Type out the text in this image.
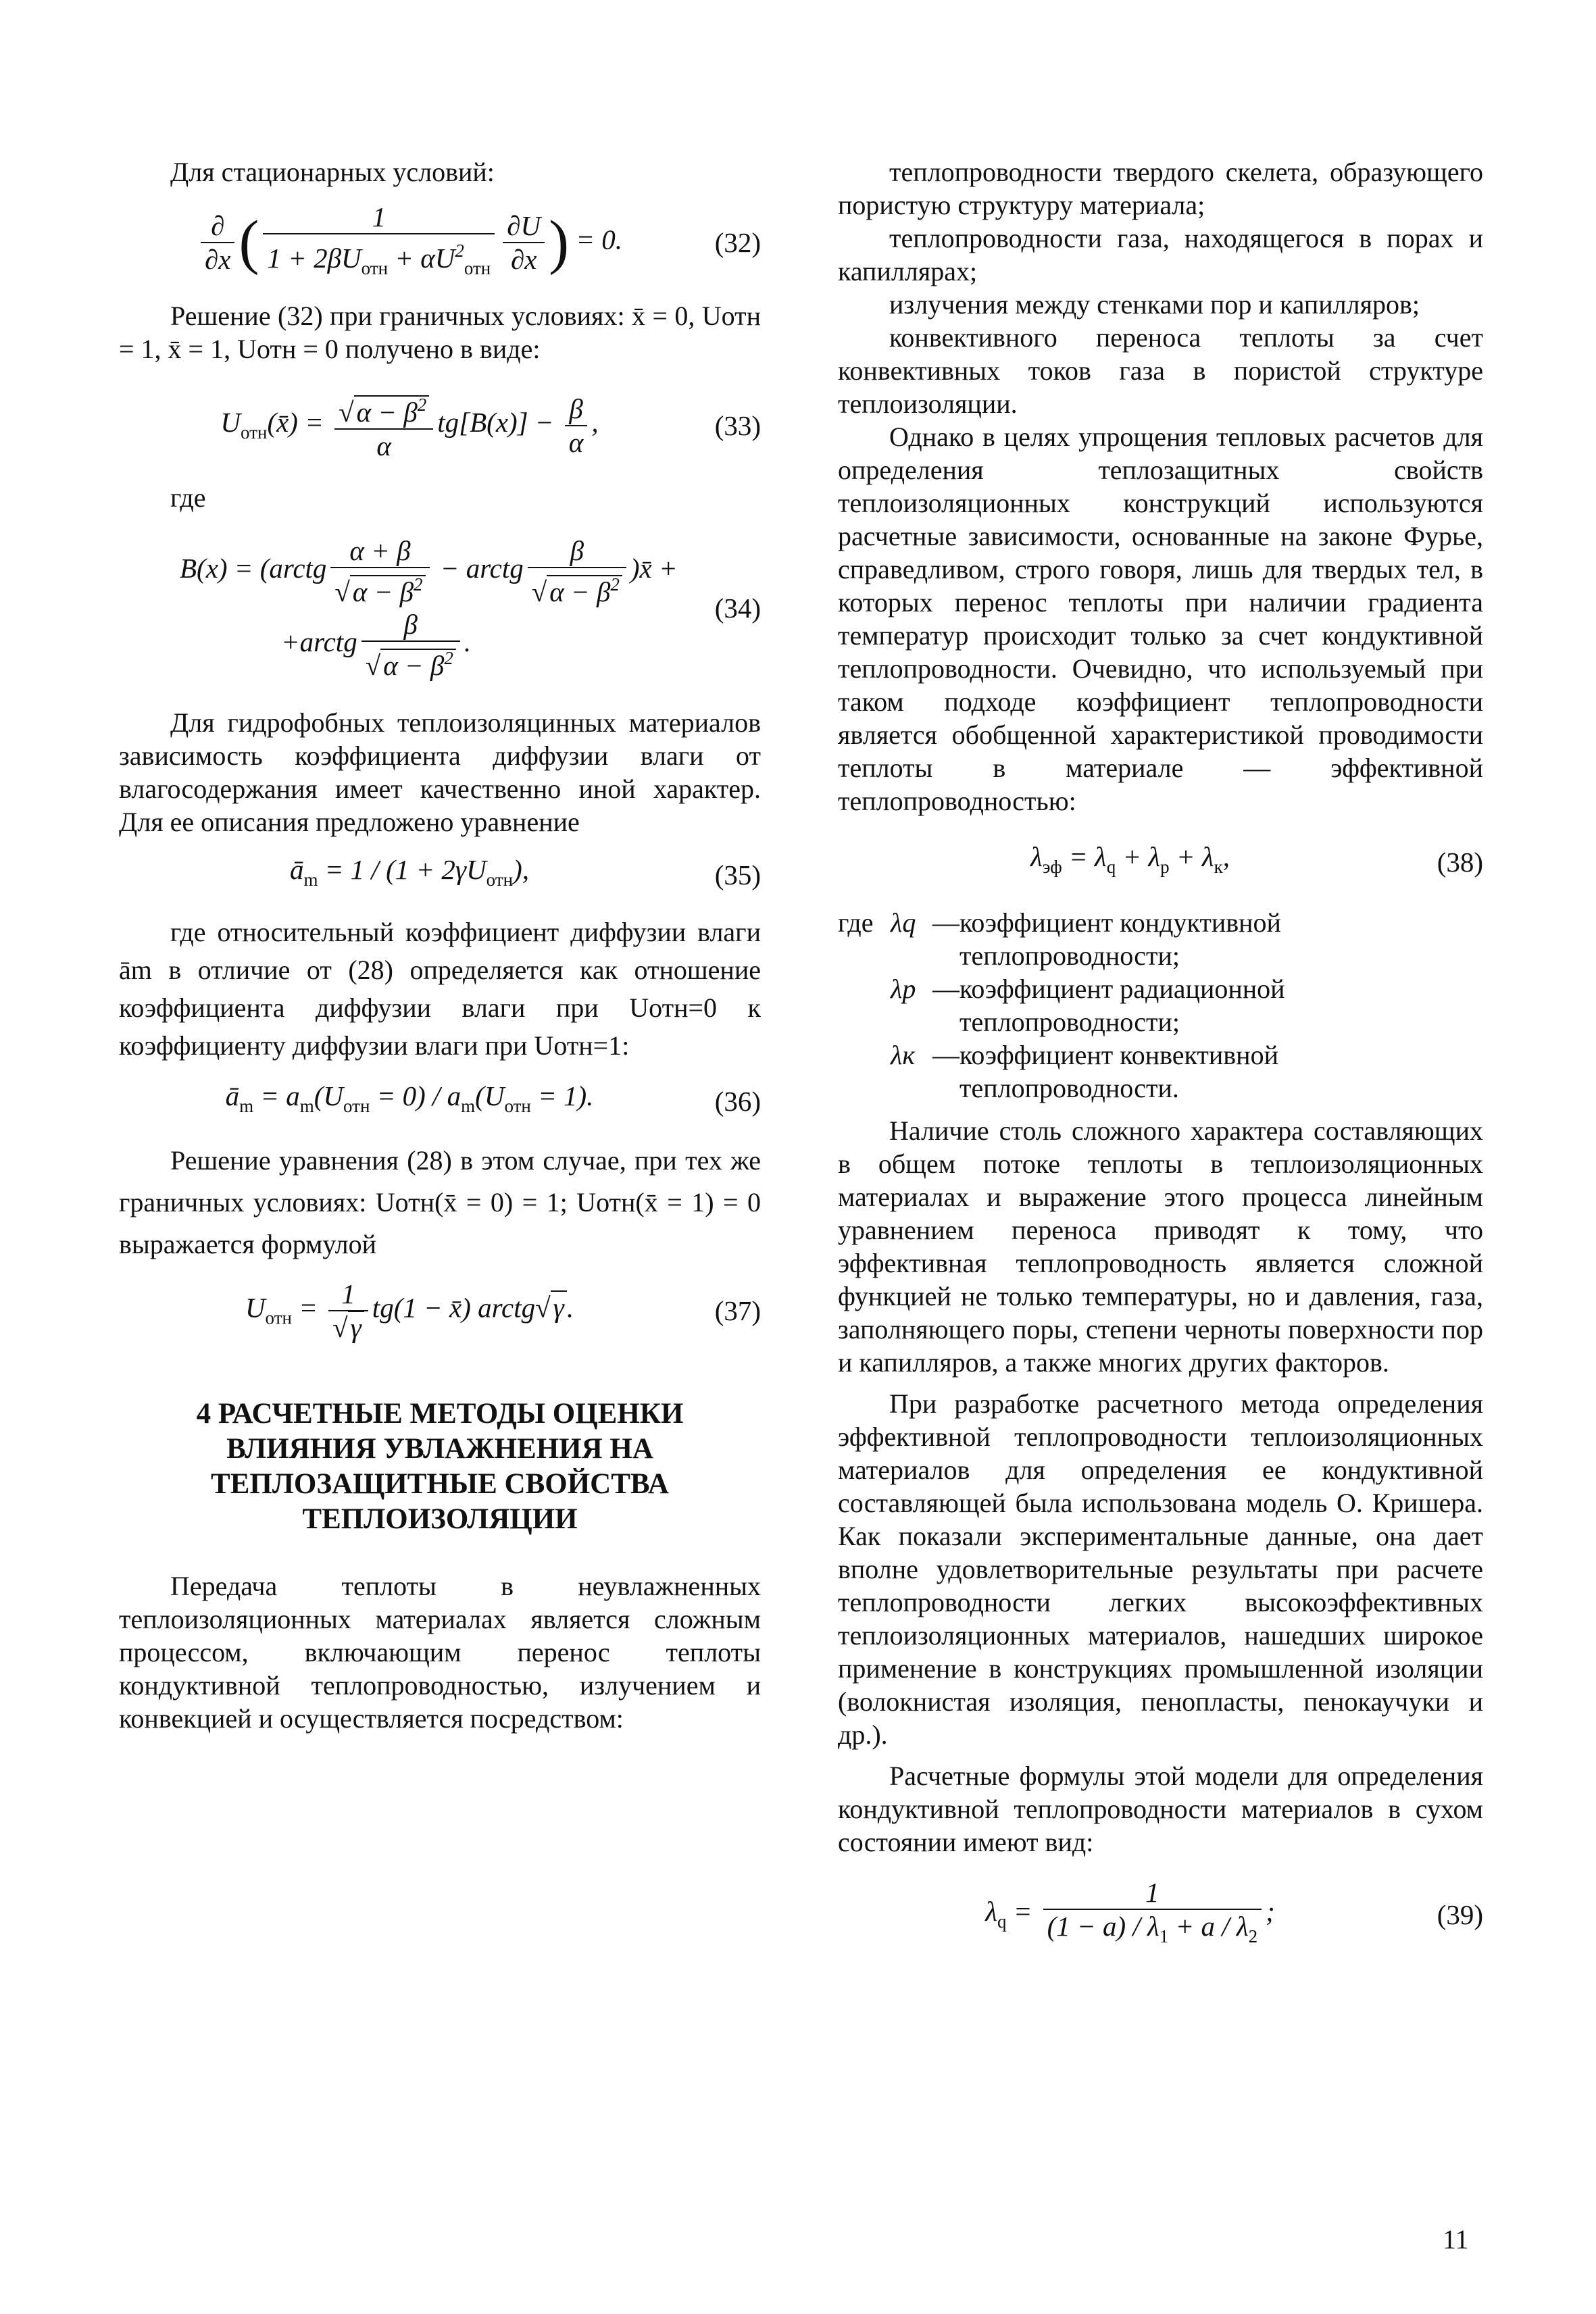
Для стационарных условий:

$\frac{\partial}{\partial x}$ ( $\frac{1}{1 + 2\beta U_{отн} + \alpha U^2_{отн}} \frac{\partial U}{\partial x}$ ) = 0.	(32)

Решение (32) при граничных условиях: x̄ = 0, Uотн = 1, x̄ = 1, Uотн = 0 получено в виде:

$U_{отн}(x̄) = \frac{√\alpha - \beta^2}{\alpha} tg[B(x)] - \frac{\beta}{\alpha}$ ,	(33)

где

B(x) = (arctg $\frac{\alpha + \beta}{√\alpha - \beta^2}$ − arctg $\frac{\beta}{√\alpha - \beta^2}$ )x̄ +
+arctg $\frac{\beta}{√\alpha - \beta^2}$ .
(34)

Для гидрофобных теплоизоляцинных материалов зависимость коэффициента диффузии влаги от влагосодержания имеет качественно иной характер. Для ее описания предложено уравнение

$ā_m = 1 / (1 + 2\gamma U_{отн})$,	(35)

где относительный коэффициент диффузии влаги ām в отличие от (28) определяется как отношение коэффициента диффузии влаги при Uотн=0 к коэффициенту диффузии влаги при Uотн=1:

$ā_m = a_m(U_{отн} = 0) / a_m(U_{отн} = 1)$.	(36)

Решение уравнения (28) в этом случае, при тех же граничных условиях: Uотн(x̄ = 0) = 1; Uотн(x̄ = 1) = 0 выражается формулой

$U_{отн} = \frac{1}{√\gamma} tg(1$ − x̄) arctg√γ.	(37)
4 РАСЧЕТНЫЕ МЕТОДЫ ОЦЕНКИ ВЛИЯНИЯ УВЛАЖНЕНИЯ НА ТЕПЛОЗАЩИТНЫЕ СВОЙСТВА ТЕПЛОИЗОЛЯЦИИ

Передача теплоты в неувлажненных теплоизоляционных материалах является сложным процессом, включающим перенос теплоты кондуктивной теплопроводностью, излучением и конвекцией и осуществляется посредством:

теплопроводности твердого скелета, образующего пористую структуру материала;

теплопроводности газа, находящегося в порах и капиллярах;

излучения между стенками пор и капилляров;

конвективного переноса теплоты за счет конвективных токов газа в пористой структуре теплоизоляции.

Однако в целях упрощения тепловых расчетов для определения теплозащитных свойств теплоизоляционных конструкций используются расчетные зависимости, основанные на законе Фурье, справедливом, строго говоря, лишь для твердых тел, в которых перенос теплоты при наличии градиента температур происходит только за счет кондуктивной теплопроводности. Очевидно, что используемый при таком подходе коэффициент теплопроводности является обобщенной характеристикой проводимости теплоты в материале — эффективной теплопроводностью:

$\lambda_{эф} = \lambda_q + \lambda_р + \lambda_к$,	(38)
где λq — коэффициент кондуктивной теплопроводности;
λр — коэффициент радиационной теплопроводности;
λк — коэффициент конвективной теплопроводности.

Наличие столь сложного характера составляющих в общем потоке теплоты в теплоизоляционных материалах и выражение этого процесса линейным уравнением переноса приводят к тому, что эффективная теплопроводность является сложной функцией не только температуры, но и давления, газа, заполняющего поры, степени черноты поверхности пор и капилляров, а также многих других факторов.

При разработке расчетного метода определения эффективной теплопроводности теплоизоляционных материалов для определения ее кондуктивной составляющей была использована модель О. Кришера. Как показали экспериментальные данные, она дает вполне удовлетворительные результаты при расчете теплопроводности легких высокоэффективных теплоизоляционных материалов, нашедших широкое применение в конструкциях промышленной изоляции (волокнистая изоляция, пенопласты, пенокаучуки и др.).

Расчетные формулы этой модели для определения кондуктивной теплопроводности материалов в сухом состоянии имеют вид:

$\lambda_q = \frac{1}{(1 - a) / \lambda_1 + a / \lambda_2}$ ;	(39)
11
